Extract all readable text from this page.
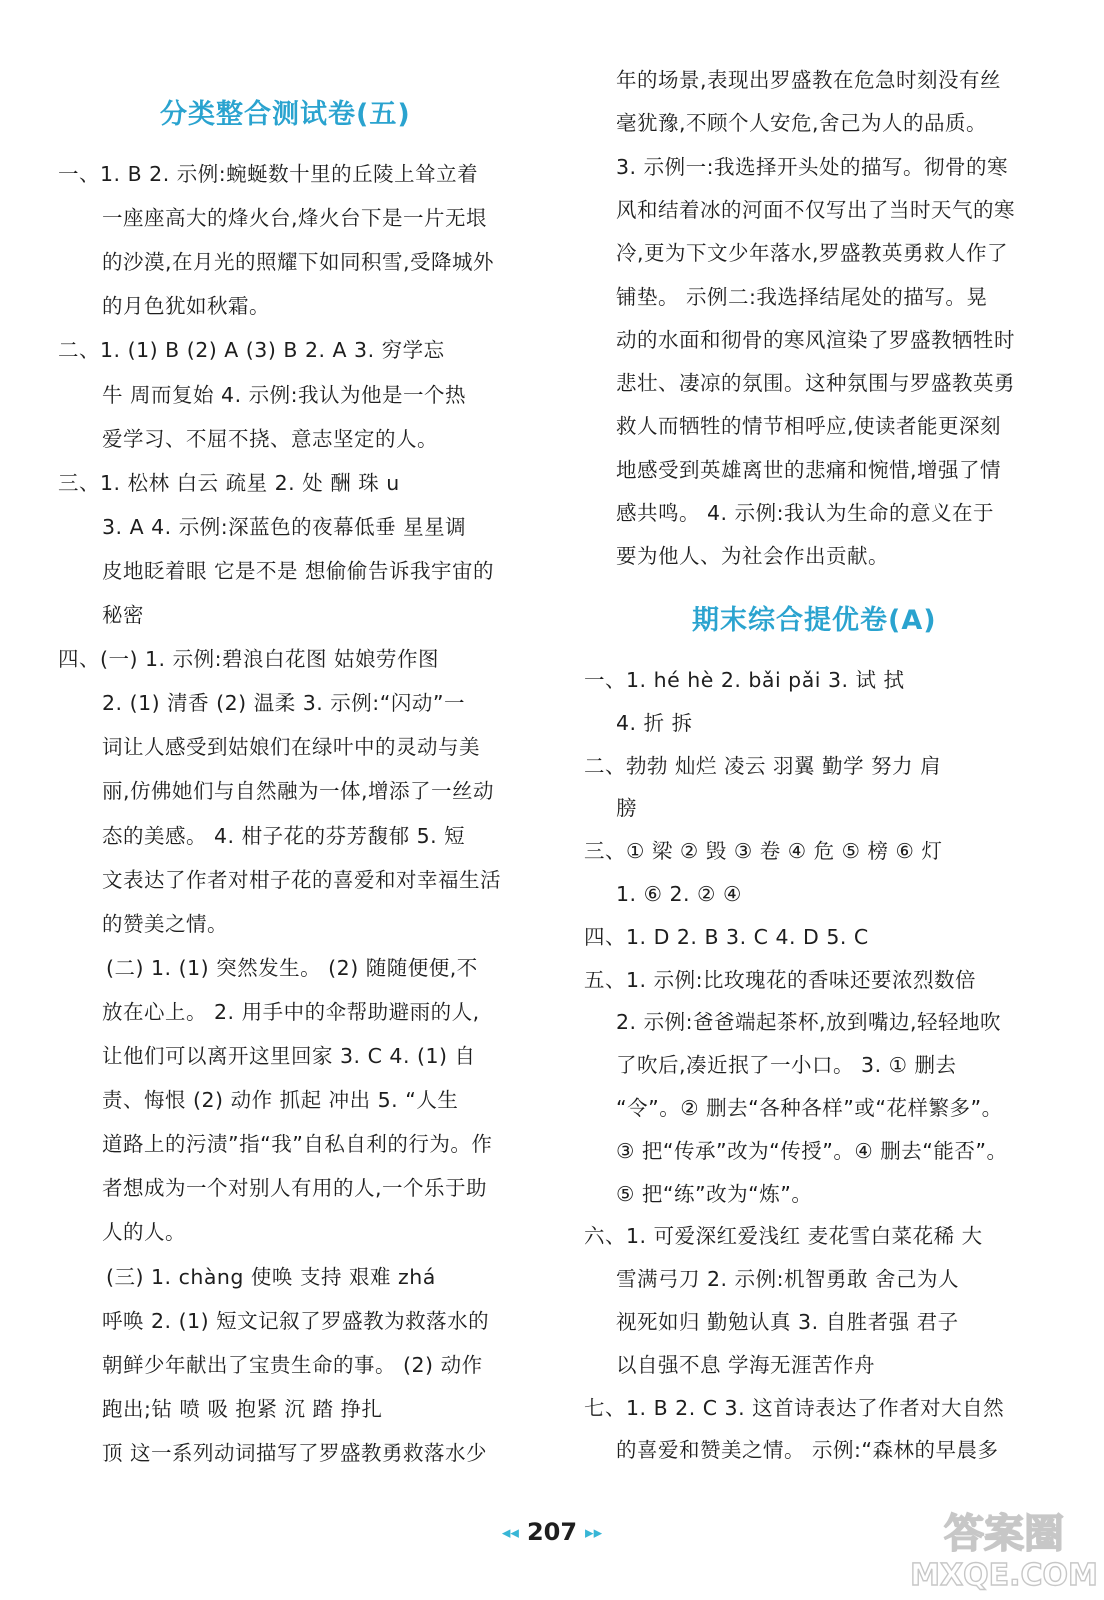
分类整合测试卷(五)
一、1. B 2. 示例:蜿蜒数十里的丘陵上耸立着
一座座高大的烽火台,烽火台下是一片无垠
的沙漠,在月光的照耀下如同积雪,受降城外
的月色犹如秋霜。
二、1. (1) B (2) A (3) B 2. A 3. 穷学忘
牛 周而复始 4. 示例:我认为他是一个热
爱学习、不屈不挠、意志坚定的人。
三、1. 松林 白云 疏星 2. 处 酬 珠 u
3. A 4. 示例:深蓝色的夜幕低垂 星星调
皮地眨着眼 它是不是 想偷偷告诉我宇宙的
秘密
四、(一) 1. 示例:碧浪白花图 姑娘劳作图
2. (1) 清香 (2) 温柔 3. 示例:“闪动”一
词让人感受到姑娘们在绿叶中的灵动与美
丽,仿佛她们与自然融为一体,增添了一丝动
态的美感。 4. 柑子花的芬芳馥郁 5. 短
文表达了作者对柑子花的喜爱和对幸福生活
的赞美之情。
(二) 1. (1) 突然发生。 (2) 随随便便,不
放在心上。 2. 用手中的伞帮助避雨的人,
让他们可以离开这里回家 3. C 4. (1) 自
责、悔恨 (2) 动作 抓起 冲出 5. “人生
道路上的污渍”指“我”自私自利的行为。作
者想成为一个对别人有用的人,一个乐于助
人的人。
(三) 1. chàng 使唤 支持 艰难 zhá
呼唤 2. (1) 短文记叙了罗盛教为救落水的
朝鲜少年献出了宝贵生命的事。 (2) 动作
跑出;钻 喷 吸 抱紧 沉 踏 挣扎
顶 这一系列动词描写了罗盛教勇救落水少
年的场景,表现出罗盛教在危急时刻没有丝
毫犹豫,不顾个人安危,舍己为人的品质。
3. 示例一:我选择开头处的描写。彻骨的寒
风和结着冰的河面不仅写出了当时天气的寒
冷,更为下文少年落水,罗盛教英勇救人作了
铺垫。 示例二:我选择结尾处的描写。晃
动的水面和彻骨的寒风渲染了罗盛教牺牲时
悲壮、凄凉的氛围。这种氛围与罗盛教英勇
救人而牺牲的情节相呼应,使读者能更深刻
地感受到英雄离世的悲痛和惋惜,增强了情
感共鸣。 4. 示例:我认为生命的意义在于
要为他人、为社会作出贡献。
期末综合提优卷(A)
一、1. hé hè 2. bǎi pǎi 3. 试 拭
4. 折 拆
二、勃勃 灿烂 凌云 羽翼 勤学 努力 肩
膀
三、① 梁 ② 毁 ③ 卷 ④ 危 ⑤ 榜 ⑥ 灯
1. ⑥ 2. ② ④
四、1. D 2. B 3. C 4. D 5. C
五、1. 示例:比玫瑰花的香味还要浓烈数倍
2. 示例:爸爸端起茶杯,放到嘴边,轻轻地吹
了吹后,凑近抿了一小口。 3. ① 删去
“令”。② 删去“各种各样”或“花样繁多”。
③ 把“传承”改为“传授”。④ 删去“能否”。
⑤ 把“练”改为“炼”。
六、1. 可爱深红爱浅红 麦花雪白菜花稀 大
雪满弓刀 2. 示例:机智勇敢 舍己为人
视死如归 勤勉认真 3. 自胜者强 君子
以自强不息 学海无涯苦作舟
七、1. B 2. C 3. 这首诗表达了作者对大自然
的喜爱和赞美之情。 示例:“森林的早晨多
◂◂ 207 ▸▸	答案圈
MXQE.COM
